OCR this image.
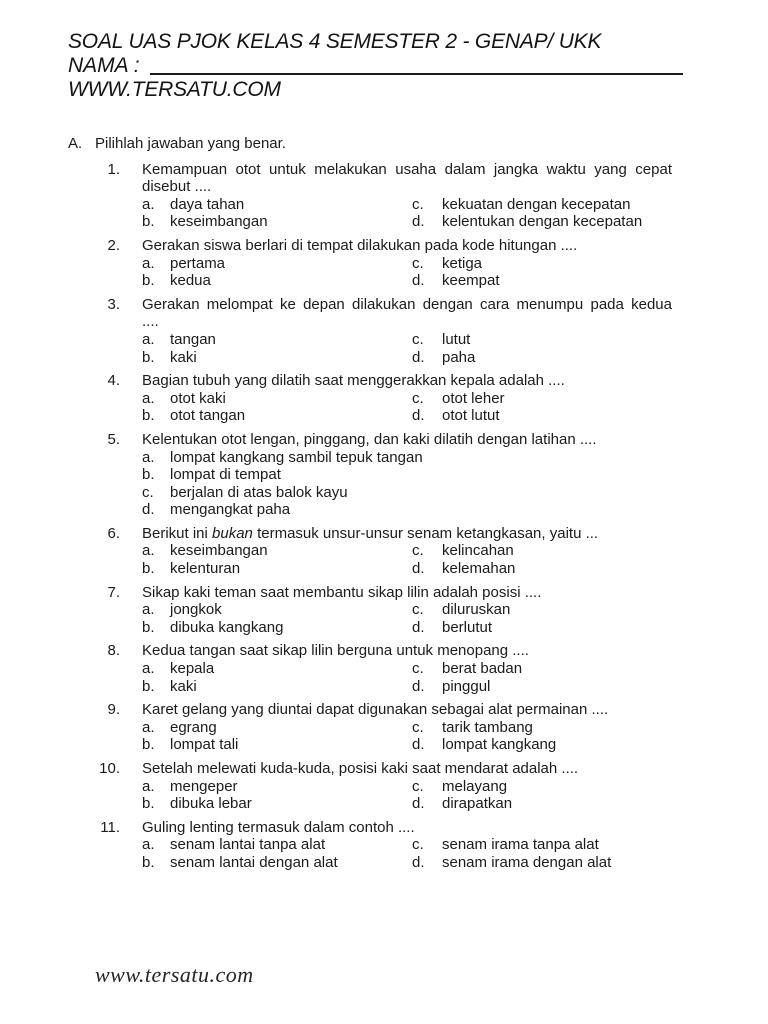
SOAL UAS PJOK KELAS 4 SEMESTER 2 - GENAP/ UKK
NAMA :
WWW.TERSATU.COM
A. Pilihlah jawaban yang benar.
1. Kemampuan otot untuk melakukan usaha dalam jangka waktu yang cepat
disebut ....
a.	daya tahan	c.	kekuatan dengan kecepatan
b.	keseimbangan	d.	kelentukan dengan kecepatan
2. Gerakan siswa berlari di tempat dilakukan pada kode hitungan ....
a.	pertama	c.	ketiga
b.	kedua	d.	keempat
3. Gerakan melompat ke depan dilakukan dengan cara menumpu pada kedua
....
a.	tangan	c.	lutut
b.	kaki	d.	paha
4. Bagian tubuh yang dilatih saat menggerakkan kepala adalah ....
a.	otot kaki	c.	otot leher
b.	otot tangan	d.	otot lutut
5. Kelentukan otot lengan, pinggang, dan kaki dilatih dengan latihan ....
a.	lompat kangkang sambil tepuk tangan
b.	lompat di tempat
c.	berjalan di atas balok kayu
d.	mengangkat paha
6. Berikut ini bukan termasuk unsur-unsur senam ketangkasan, yaitu ...
a.	keseimbangan	c.	kelincahan
b.	kelenturan	d.	kelemahan
7. Sikap kaki teman saat membantu sikap lilin adalah posisi ....
a.	jongkok	c.	diluruskan
b.	dibuka kangkang	d.	berlutut
8. Kedua tangan saat sikap lilin berguna untuk menopang ....
a.	kepala	c.	berat badan
b.	kaki	d.	pinggul
9. Karet gelang yang diuntai dapat digunakan sebagai alat permainan ....
a.	egrang	c.	tarik tambang
b.	lompat tali	d.	lompat kangkang
10. Setelah melewati kuda-kuda, posisi kaki saat mendarat adalah ....
a.	mengeper	c.	melayang
b.	dibuka lebar	d.	dirapatkan
11. Guling lenting termasuk dalam contoh ....
a.	senam lantai tanpa alat	c.	senam irama tanpa alat
b.	senam lantai dengan alat	d.	senam irama dengan alat
www.tersatu.com
